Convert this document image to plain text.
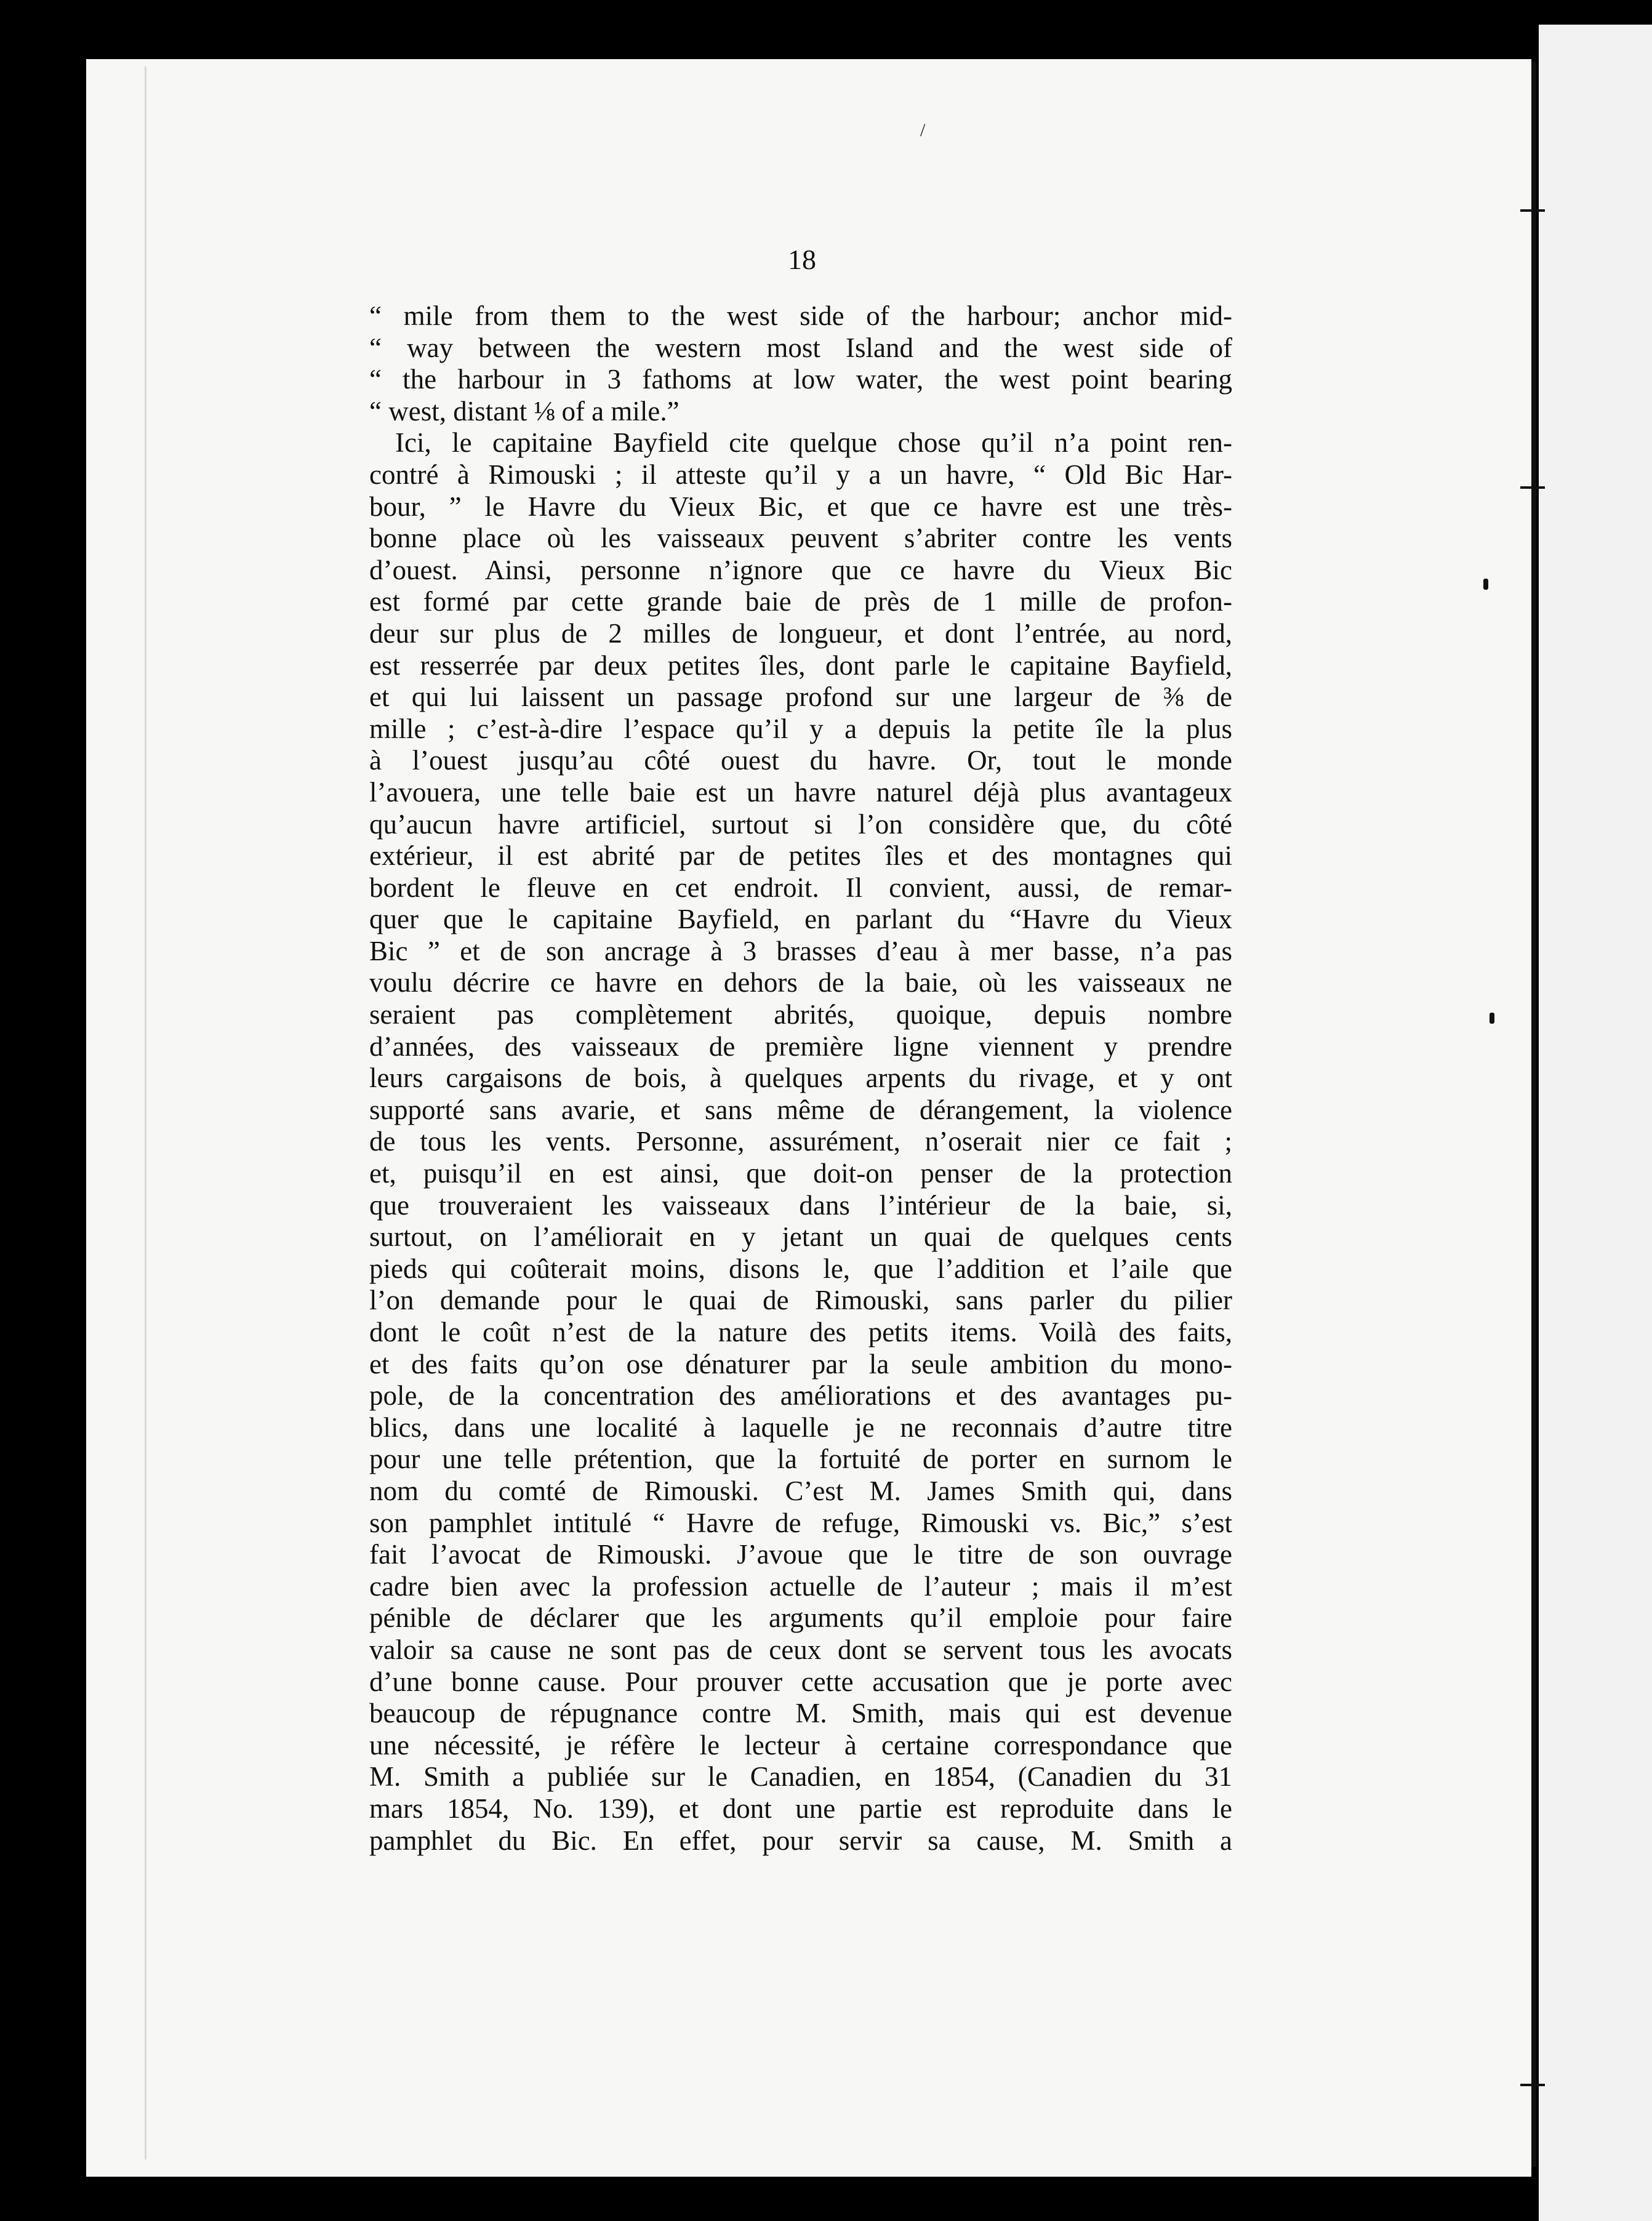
/
18
“ mile from them to the west side of the harbour; anchor mid-
“ way between the western most Island and the west side of
“ the harbour in 3 fathoms at low water, the west point bearing
“ west, distant ⅛ of a mile.”
Ici, le capitaine Bayfield cite quelque chose qu’il n’a point ren-
contré à Rimouski ; il atteste qu’il y a un havre, “ Old Bic Har-
bour, ” le Havre du Vieux Bic, et que ce havre est une très-
bonne place où les vaisseaux peuvent s’abriter contre les vents
d’ouest. Ainsi, personne n’ignore que ce havre du Vieux Bic
est formé par cette grande baie de près de 1 mille de profon-
deur sur plus de 2 milles de longueur, et dont l’entrée, au nord,
est resserrée par deux petites îles, dont parle le capitaine Bayfield,
et qui lui laissent un passage profond sur une largeur de ⅜ de
mille ; c’est-à-dire l’espace qu’il y a depuis la petite île la plus
à l’ouest jusqu’au côté ouest du havre. Or, tout le monde
l’avouera, une telle baie est un havre naturel déjà plus avantageux
qu’aucun havre artificiel, surtout si l’on considère que, du côté
extérieur, il est abrité par de petites îles et des montagnes qui
bordent le fleuve en cet endroit. Il convient, aussi, de remar-
quer que le capitaine Bayfield, en parlant du “Havre du Vieux
Bic ” et de son ancrage à 3 brasses d’eau à mer basse, n’a pas
voulu décrire ce havre en dehors de la baie, où les vaisseaux ne
seraient pas complètement abrités, quoique, depuis nombre
d’années, des vaisseaux de première ligne viennent y prendre
leurs cargaisons de bois, à quelques arpents du rivage, et y ont
supporté sans avarie, et sans même de dérangement, la violence
de tous les vents. Personne, assurément, n’oserait nier ce fait ;
et, puisqu’il en est ainsi, que doit-on penser de la protection
que trouveraient les vaisseaux dans l’intérieur de la baie, si,
surtout, on l’améliorait en y jetant un quai de quelques cents
pieds qui coûterait moins, disons le, que l’addition et l’aile que
l’on demande pour le quai de Rimouski, sans parler du pilier
dont le coût n’est de la nature des petits items. Voilà des faits,
et des faits qu’on ose dénaturer par la seule ambition du mono-
pole, de la concentration des améliorations et des avantages pu-
blics, dans une localité à laquelle je ne reconnais d’autre titre
pour une telle prétention, que la fortuité de porter en surnom le
nom du comté de Rimouski. C’est M. James Smith qui, dans
son pamphlet intitulé “ Havre de refuge, Rimouski vs. Bic,” s’est
fait l’avocat de Rimouski. J’avoue que le titre de son ouvrage
cadre bien avec la profession actuelle de l’auteur ; mais il m’est
pénible de déclarer que les arguments qu’il emploie pour faire
valoir sa cause ne sont pas de ceux dont se servent tous les avocats
d’une bonne cause. Pour prouver cette accusation que je porte avec
beaucoup de répugnance contre M. Smith, mais qui est devenue
une nécessité, je réfère le lecteur à certaine correspondance que
M. Smith a publiée sur le Canadien, en 1854, (Canadien du 31
mars 1854, No. 139), et dont une partie est reproduite dans le
pamphlet du Bic. En effet, pour servir sa cause, M. Smith a
